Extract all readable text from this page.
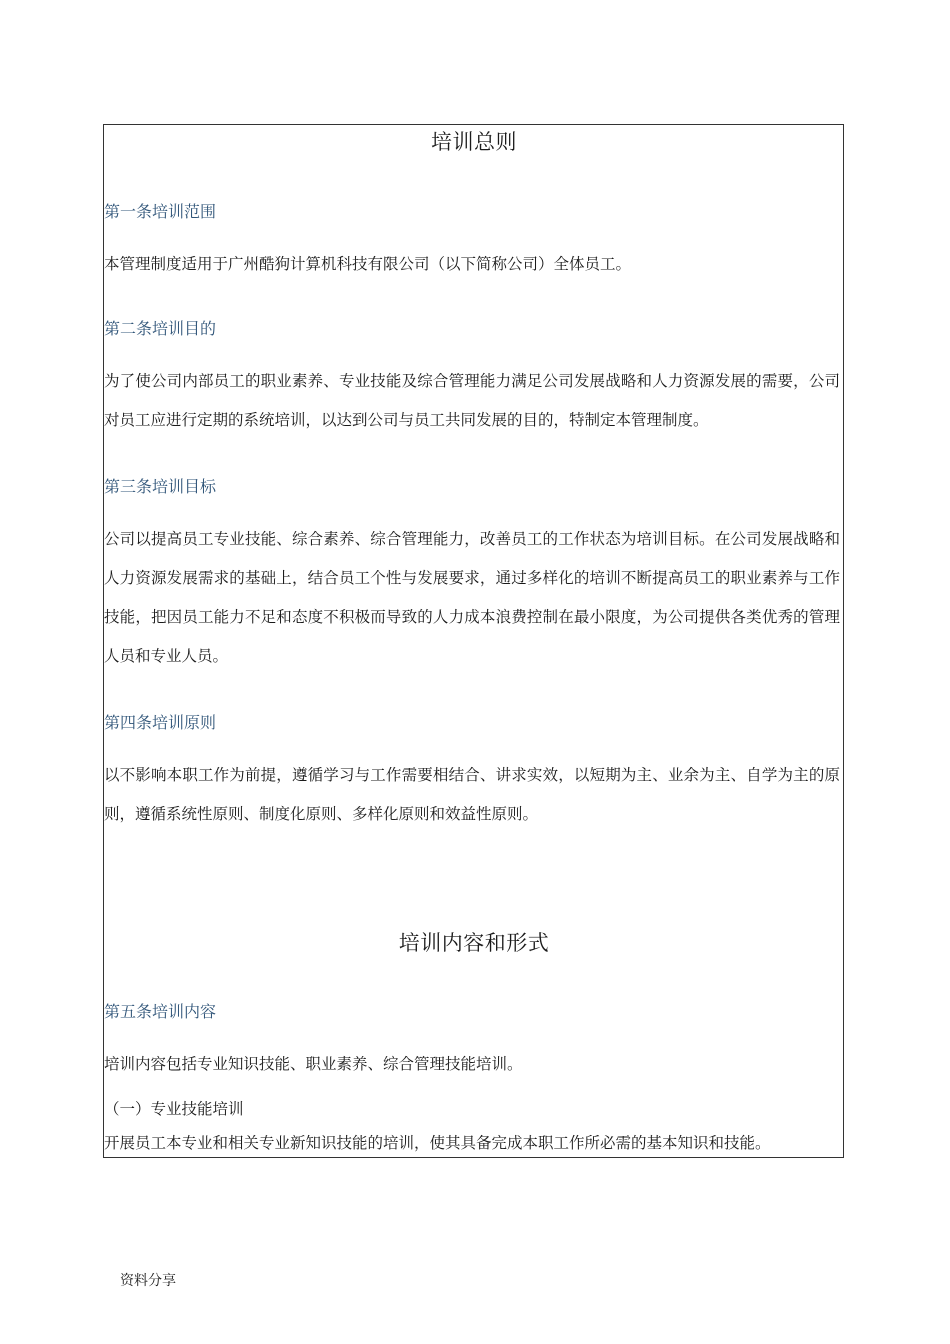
培训总则
第一条培训范围

本管理制度适用于广州酷狗计算机科技有限公司（以下简称公司）全体员工。

第二条培训目的

为了使公司内部员工的职业素养、专业技能及综合管理能力满足公司发展战略和人力资源发展的需要，公司对员工应进行定期的系统培训，以达到公司与员工共同发展的目的，特制定本管理制度。

第三条培训目标

公司以提高员工专业技能、综合素养、综合管理能力，改善员工的工作状态为培训目标。在公司发展战略和人力资源发展需求的基础上，结合员工个性与发展要求，通过多样化的培训不断提高员工的职业素养与工作技能，把因员工能力不足和态度不积极而导致的人力成本浪费控制在最小限度，为公司提供各类优秀的管理人员和专业人员。

第四条培训原则

以不影响本职工作为前提，遵循学习与工作需要相结合、讲求实效，以短期为主、业余为主、自学为主的原则，遵循系统性原则、制度化原则、多样化原则和效益性原则。

培训内容和形式
第五条培训内容

培训内容包括专业知识技能、职业素养、综合管理技能培训。

（一）专业技能培训

开展员工本专业和相关专业新知识技能的培训，使其具备完成本职工作所必需的基本知识和技能。

资料分享
